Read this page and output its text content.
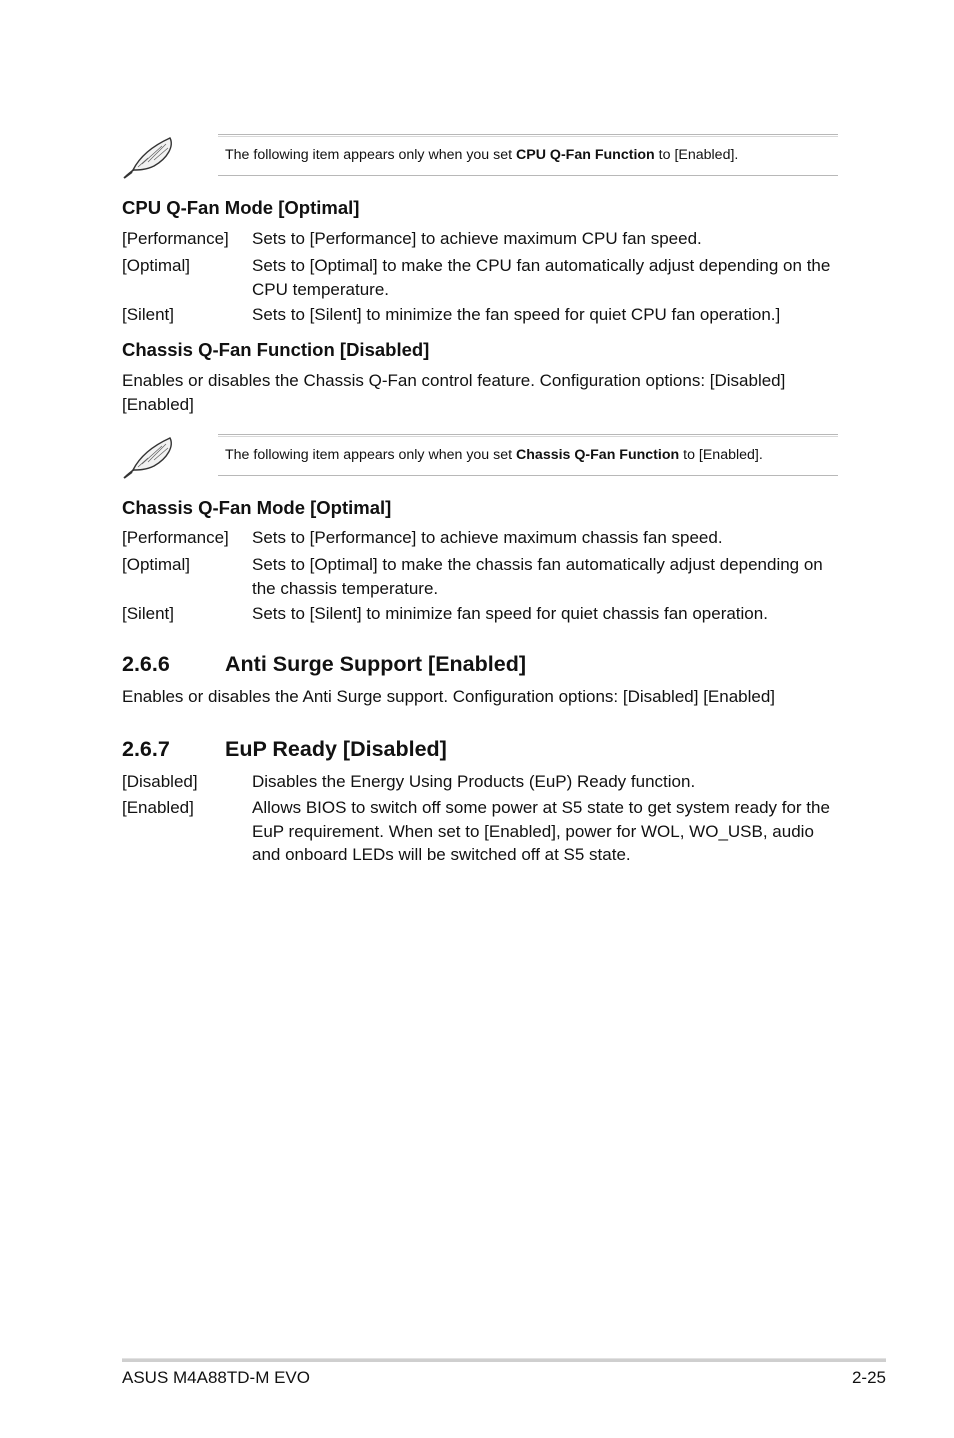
The following item appears only when you set CPU Q-Fan Function to [Enabled].
CPU Q-Fan Mode [Optimal]
[Performance] Sets to [Performance] to achieve maximum CPU fan speed.
[Optimal]	Sets to [Optimal] to make the CPU fan automatically adjust depending on the CPU temperature.
[Silent]	Sets to [Silent] to minimize the fan speed for quiet CPU fan operation.]
Chassis Q-Fan Function [Disabled]
Enables or disables the Chassis Q-Fan control feature. Configuration options: [Disabled] [Enabled]
The following item appears only when you set Chassis Q-Fan Function to [Enabled].
Chassis Q-Fan Mode [Optimal]
[Performance] Sets to [Performance] to achieve maximum chassis fan speed.
[Optimal]	Sets to [Optimal] to make the chassis fan automatically adjust depending on the chassis temperature.
[Silent]	Sets to [Silent] to minimize fan speed for quiet chassis fan operation.
2.6.6	Anti Surge Support [Enabled]
Enables or disables the Anti Surge support. Configuration options: [Disabled] [Enabled]
2.6.7	EuP Ready [Disabled]
[Disabled]	Disables the Energy Using Products (EuP) Ready function.
[Enabled]	Allows BIOS to switch off some power at S5 state to get system ready for the EuP requirement. When set to [Enabled], power for WOL, WO_USB, audio and onboard LEDs will be switched off at S5 state.
ASUS M4A88TD-M EVO	2-25
